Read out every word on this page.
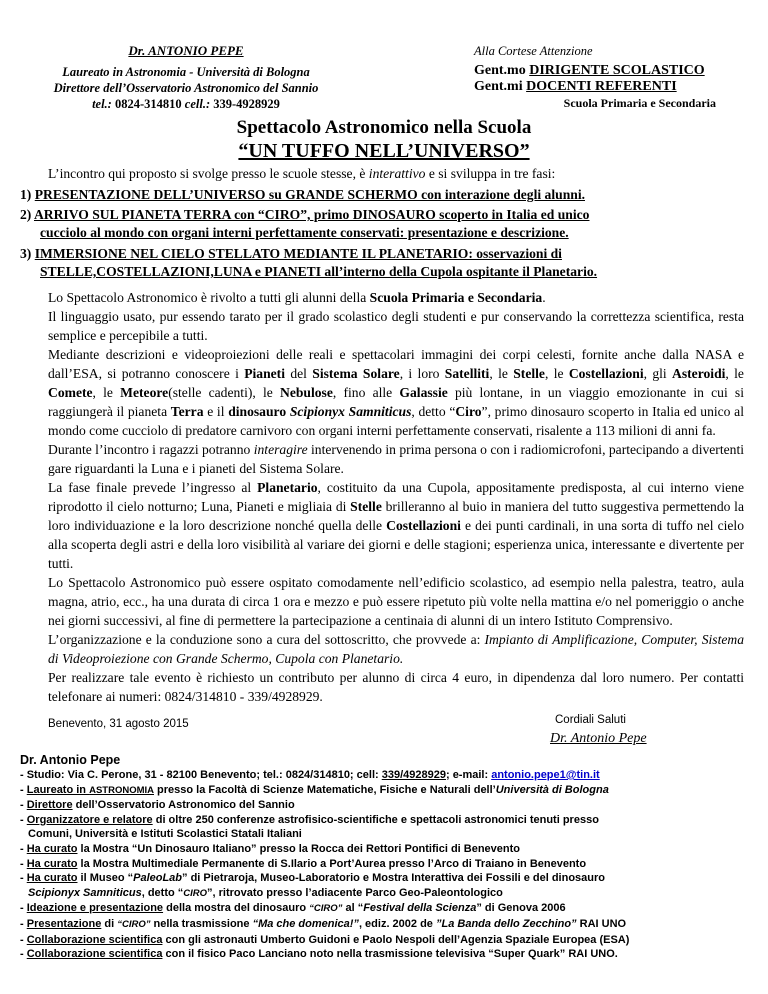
Dr. ANTONIO PEPE
Laureato in Astronomia - Università di Bologna
Direttore dell’Osservatorio Astronomico del Sannio
tel.: 0824-314810 cell.: 339-4928929
Alla Cortese Attenzione
Gent.mo DIRIGENTE SCOLASTICO
Gent.mi DOCENTI REFERENTI
Scuola Primaria e Secondaria
Spettacolo Astronomico nella Scuola
“UN TUFFO NELL’UNIVERSO”
L’incontro qui proposto si svolge presso le scuole stesse, è interattivo e si sviluppa in tre fasi:
1) PRESENTAZIONE DELL’UNIVERSO su GRANDE SCHERMO con interazione degli alunni.
2) ARRIVO SUL PIANETA TERRA con “CIRO”, primo DINOSAURO scoperto in Italia ed unico
cucciolo al mondo con organi interni perfettamente conservati: presentazione e descrizione.
3) IMMERSIONE NEL CIELO STELLATO MEDIANTE IL PLANETARIO: osservazioni di
STELLE,COSTELLAZIONI,LUNA e PIANETI all’interno della Cupola ospitante il Planetario.

Lo Spettacolo Astronomico è rivolto a tutti gli alunni della Scuola Primaria e Secondaria.

Il linguaggio usato, pur essendo tarato per il grado scolastico degli studenti e pur conservando la correttezza scientifica, resta semplice e percepibile a tutti.

Mediante descrizioni e videoproiezioni delle reali e spettacolari immagini dei corpi celesti, fornite anche dalla NASA e dall’ESA, si potranno conoscere i Pianeti del Sistema Solare, i loro Satelliti, le Stelle, le Costellazioni, gli Asteroidi, le Comete, le Meteore(stelle cadenti), le Nebulose, fino alle Galassie più lontane, in un viaggio emozionante in cui si raggiungerà il pianeta Terra e il dinosauro Scipionyx Samniticus, detto “Ciro”, primo dinosauro scoperto in Italia ed unico al mondo come cucciolo di predatore carnivoro con organi interni perfettamente conservati, risalente a 113 milioni di anni fa.

Durante l’incontro i ragazzi potranno interagire intervenendo in prima persona o con i radiomicrofoni, partecipando a divertenti gare riguardanti la Luna e i pianeti del Sistema Solare.

La fase finale prevede l’ingresso al Planetario, costituito da una Cupola, appositamente predisposta, al cui interno viene riprodotto il cielo notturno; Luna, Pianeti e migliaia di Stelle brilleranno al buio in maniera del tutto suggestiva permettendo la loro individuazione e la loro descrizione nonché quella delle Costellazioni e dei punti cardinali, in una sorta di tuffo nel cielo alla scoperta degli astri e della loro visibilità al variare dei giorni e delle stagioni; esperienza unica, interessante e divertente per tutti.

Lo Spettacolo Astronomico può essere ospitato comodamente nell’edificio scolastico, ad esempio nella palestra, teatro, aula magna, atrio, ecc., ha una durata di circa 1 ora e mezzo e può essere ripetuto più volte nella mattina e/o nel pomeriggio o anche nei giorni successivi, al fine di permettere la partecipazione a centinaia di alunni di un intero Istituto Comprensivo.

L’organizzazione e la conduzione sono a cura del sottoscritto, che provvede a: Impianto di Amplificazione, Computer, Sistema di Videoproiezione con Grande Schermo, Cupola con Planetario.

Per realizzare tale evento è richiesto un contributo per alunno di circa 4 euro, in dipendenza dal loro numero. Per contatti telefonare ai numeri: 0824/314810 - 339/4928929.

Benevento, 31 agosto 2015	Cordiali Saluti
Dr. Antonio Pepe
Dr. Antonio Pepe
- Studio: Via C. Perone, 31 - 82100 Benevento; tel.: 0824/314810; cell: 339/4928929; e-mail: antonio.pepe1@tin.it
- Laureato in ASTRONOMIA presso la Facoltà di Scienze Matematiche, Fisiche e Naturali dell’Università di Bologna
- Direttore dell’Osservatorio Astronomico del Sannio
- Organizzatore e relatore di oltre 250 conferenze astrofisico-scientifiche e spettacoli astronomici tenuti presso
Comuni, Università e Istituti Scolastici Statali Italiani
- Ha curato la Mostra “Un Dinosauro Italiano” presso la Rocca dei Rettori Pontifici di Benevento
- Ha curato la Mostra Multimediale Permanente di S.Ilario a Port’Aurea presso l’Arco di Traiano in Benevento
- Ha curato il Museo “PaleoLab” di Pietraroja, Museo-Laboratorio e Mostra Interattiva dei Fossili e del dinosauro
Scipionyx Samniticus, detto “CIRO”, ritrovato presso l’adiacente Parco Geo-Paleontologico
- Ideazione e presentazione della mostra del dinosauro “CIRO” al “Festival della Scienza” di Genova 2006
- Presentazione di “CIRO” nella trasmissione “Ma che domenica!”, ediz. 2002 de ”La Banda dello Zecchino” RAI UNO
- Collaborazione scientifica con gli astronauti Umberto Guidoni e Paolo Nespoli dell’Agenzia Spaziale Europea (ESA)
- Collaborazione scientifica con il fisico Paco Lanciano noto nella trasmissione televisiva “Super Quark” RAI UNO.
